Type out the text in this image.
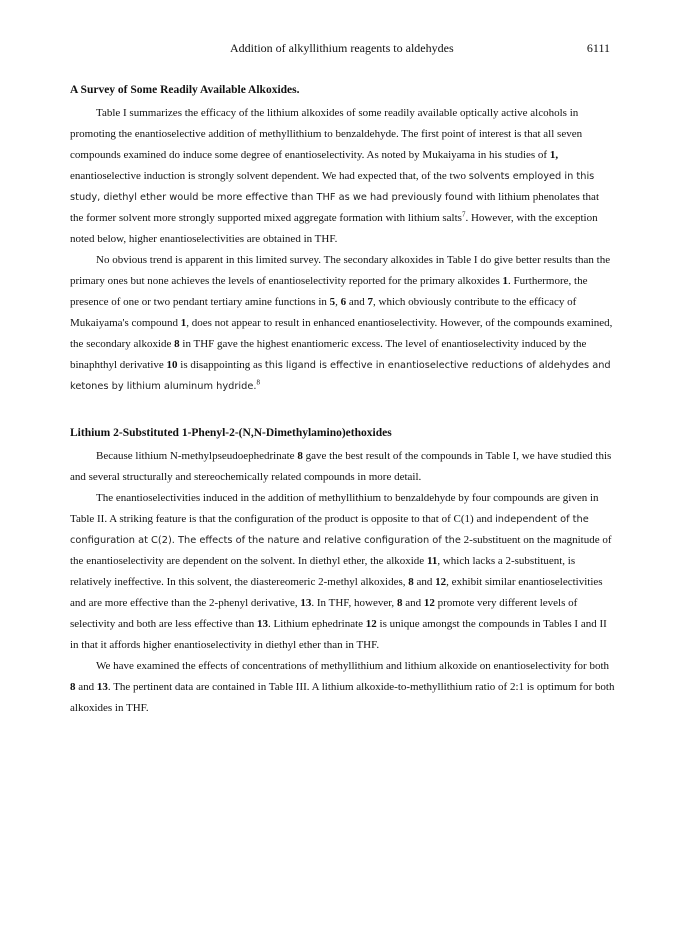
Addition of alkyllithium reagents to aldehydes	6111
A Survey of Some Readily Available Alkoxides.

Table I summarizes the efficacy of the lithium alkoxides of some readily available optically active alcohols in promoting the enantioselective addition of methyllithium to benzaldehyde. The first point of interest is that all seven compounds examined do induce some degree of enantioselectivity. As noted by Mukaiyama in his studies of 1, enantioselective induction is strongly solvent dependent. We had expected that, of the two solvents employed in this study, diethyl ether would be more effective than THF as we had previously found with lithium phenolates that the former solvent more strongly supported mixed aggregate formation with lithium salts$^7$. However, with the exception noted below, higher enantioselectivities are obtained in THF.

No obvious trend is apparent in this limited survey. The secondary alkoxides in Table I do give better results than the primary ones but none achieves the levels of enantioselectivity reported for the primary alkoxides 1. Furthermore, the presence of one or two pendant tertiary amine functions in 5, 6 and 7, which obviously contribute to the efficacy of Mukaiyama's compound 1, does not appear to result in enhanced enantioselectivity. However, of the compounds examined, the secondary alkoxide 8 in THF gave the highest enantiomeric excess. The level of enantioselectivity induced by the binaphthyl derivative 10 is disappointing as this ligand is effective in enantioselective reductions of aldehydes and ketones by lithium aluminum hydride.$^8$

Lithium 2-Substituted 1-Phenyl-2-(N,N-Dimethylamino)ethoxides

Because lithium N-methylpseudoephedrinate 8 gave the best result of the compounds in Table I, we have studied this and several structurally and stereochemically related compounds in more detail.

The enantioselectivities induced in the addition of methyllithium to benzaldehyde by four compounds are given in Table II. A striking feature is that the configuration of the product is opposite to that of C(1) and independent of the configuration at C(2). The effects of the nature and relative configuration of the 2-substituent on the magnitude of the enantioselectivity are dependent on the solvent. In diethyl ether, the alkoxide 11, which lacks a 2-substituent, is relatively ineffective. In this solvent, the diastereomeric 2-methyl alkoxides, 8 and 12, exhibit similar enantioselectivities and are more effective than the 2-phenyl derivative, 13. In THF, however, 8 and 12 promote very different levels of selectivity and both are less effective than 13. Lithium ephedrinate 12 is unique amongst the compounds in Tables I and II in that it affords higher enantioselectivity in diethyl ether than in THF.

We have examined the effects of concentrations of methyllithium and lithium alkoxide on enantioselectivity for both 8 and 13. The pertinent data are contained in Table III. A lithium alkoxide-to-methyllithium ratio of 2:1 is optimum for both alkoxides in THF.
